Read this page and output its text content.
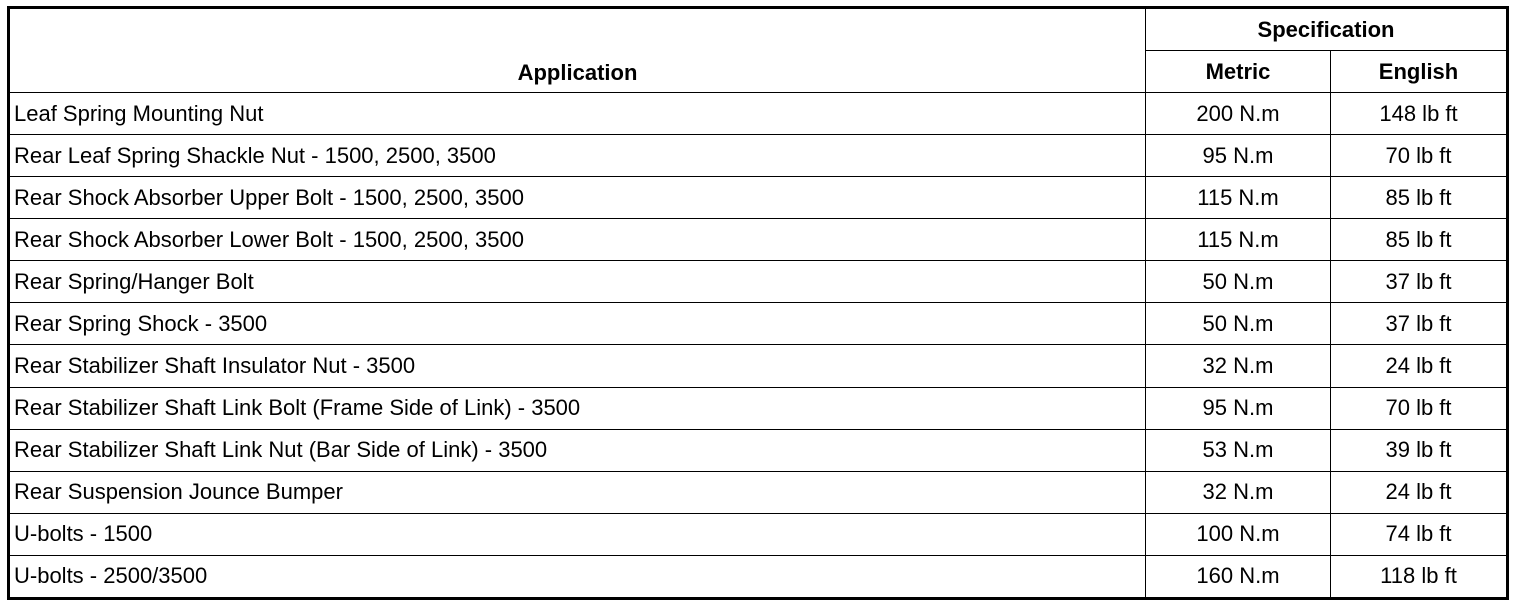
Application	Specification	
	Metric	English
Leaf Spring Mounting Nut	200 N.m	148 lb ft
Rear Leaf Spring Shackle Nut - 1500, 2500, 3500	95 N.m	70 lb ft
Rear Shock Absorber Upper Bolt - 1500, 2500, 3500	115 N.m	85 lb ft
Rear Shock Absorber Lower Bolt - 1500, 2500, 3500	115 N.m	85 lb ft
Rear Spring/Hanger Bolt	50 N.m	37 lb ft
Rear Spring Shock - 3500	50 N.m	37 lb ft
Rear Stabilizer Shaft Insulator Nut - 3500	32 N.m	24 lb ft
Rear Stabilizer Shaft Link Bolt (Frame Side of Link) - 3500	95 N.m	70 lb ft
Rear Stabilizer Shaft Link Nut (Bar Side of Link) - 3500	53 N.m	39 lb ft
Rear Suspension Jounce Bumper	32 N.m	24 lb ft
U-bolts - 1500	100 N.m	74 lb ft
U-bolts - 2500/3500	160 N.m	118 lb ft
